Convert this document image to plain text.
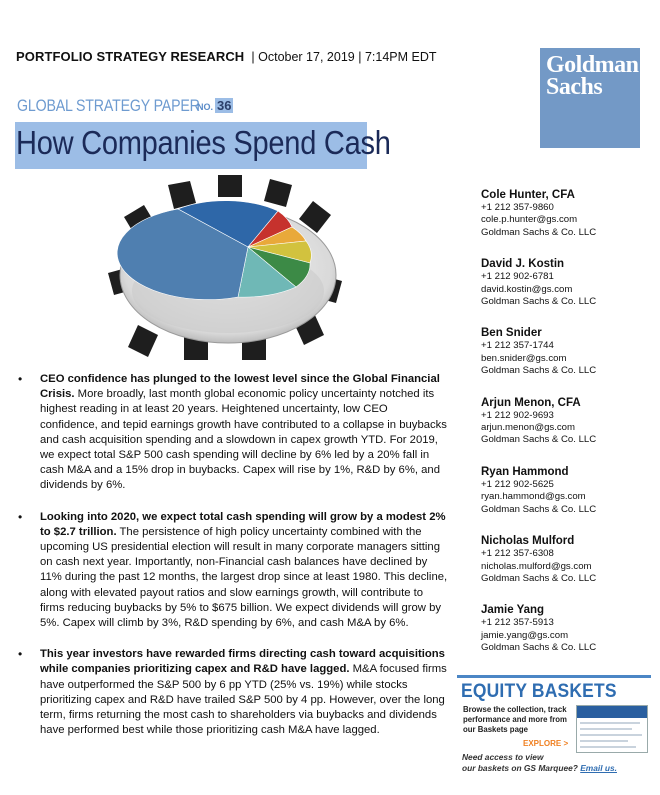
PORTFOLIO STRATEGY RESEARCH  | October 17, 2019 | 7:14PM EDT	Goldman
Sachs
GLOBAL STRATEGY PAPER
NO. 36
How Companies Spend Cash
• CEO confidence has plunged to the lowest level since the Global Financial Crisis. More broadly, last month global economic policy uncertainty notched its highest reading in at least 20 years. Heightened uncertainty, low CEO confidence, and tepid earnings growth have contributed to a collapse in buybacks and cash acquisition spending and a slowdown in capex growth YTD. For 2019, we expect total S&P 500 cash spending will decline by 6% led by a 20% fall in cash M&A and a 15% drop in buybacks. Capex will rise by 1%, R&D by 6%, and dividends by 6%.
• Looking into 2020, we expect total cash spending will grow by a modest 2% to $2.7 trillion. The persistence of high policy uncertainty combined with the upcoming US presidential election will result in many corporate managers sitting on cash next year. Importantly, non-Financial cash balances have declined by 11% during the past 12 months, the largest drop since at least 1980. This decline, along with elevated payout ratios and slow earnings growth, will contribute to firms reducing buybacks by 5% to $675 billion. We expect dividends will grow by 5%. Capex will climb by 3%, R&D spending by 6%, and cash M&A by 6%.
• This year investors have rewarded firms directing cash toward acquisitions while companies prioritizing capex and R&D have lagged. M&A focused firms have outperformed the S&P 500 by 6 pp YTD (25% vs. 19%) while stocks prioritizing capex and R&D have trailed S&P 500 by 4 pp. However, over the long term, firms returning the most cash to shareholders via buybacks and dividends have performed best while those prioritizing cash M&A have lagged.
Cole Hunter, CFA
+1 212 357-9860
cole.p.hunter@gs.com
Goldman Sachs & Co. LLC
David J. Kostin
+1 212 902-6781
david.kostin@gs.com
Goldman Sachs & Co. LLC
Ben Snider
+1 212 357-1744
ben.snider@gs.com
Goldman Sachs & Co. LLC
Arjun Menon, CFA
+1 212 902-9693
arjun.menon@gs.com
Goldman Sachs & Co. LLC
Ryan Hammond
+1 212 902-5625
ryan.hammond@gs.com
Goldman Sachs & Co. LLC
Nicholas Mulford
+1 212 357-6308
nicholas.mulford@gs.com
Goldman Sachs & Co. LLC
Jamie Yang
+1 212 357-5913
jamie.yang@gs.com
Goldman Sachs & Co. LLC
EQUITY BASKETS
Browse the collection, track performance and more from our Baskets page
EXPLORE >
Need access to view
our baskets on GS Marquee? Email us.
